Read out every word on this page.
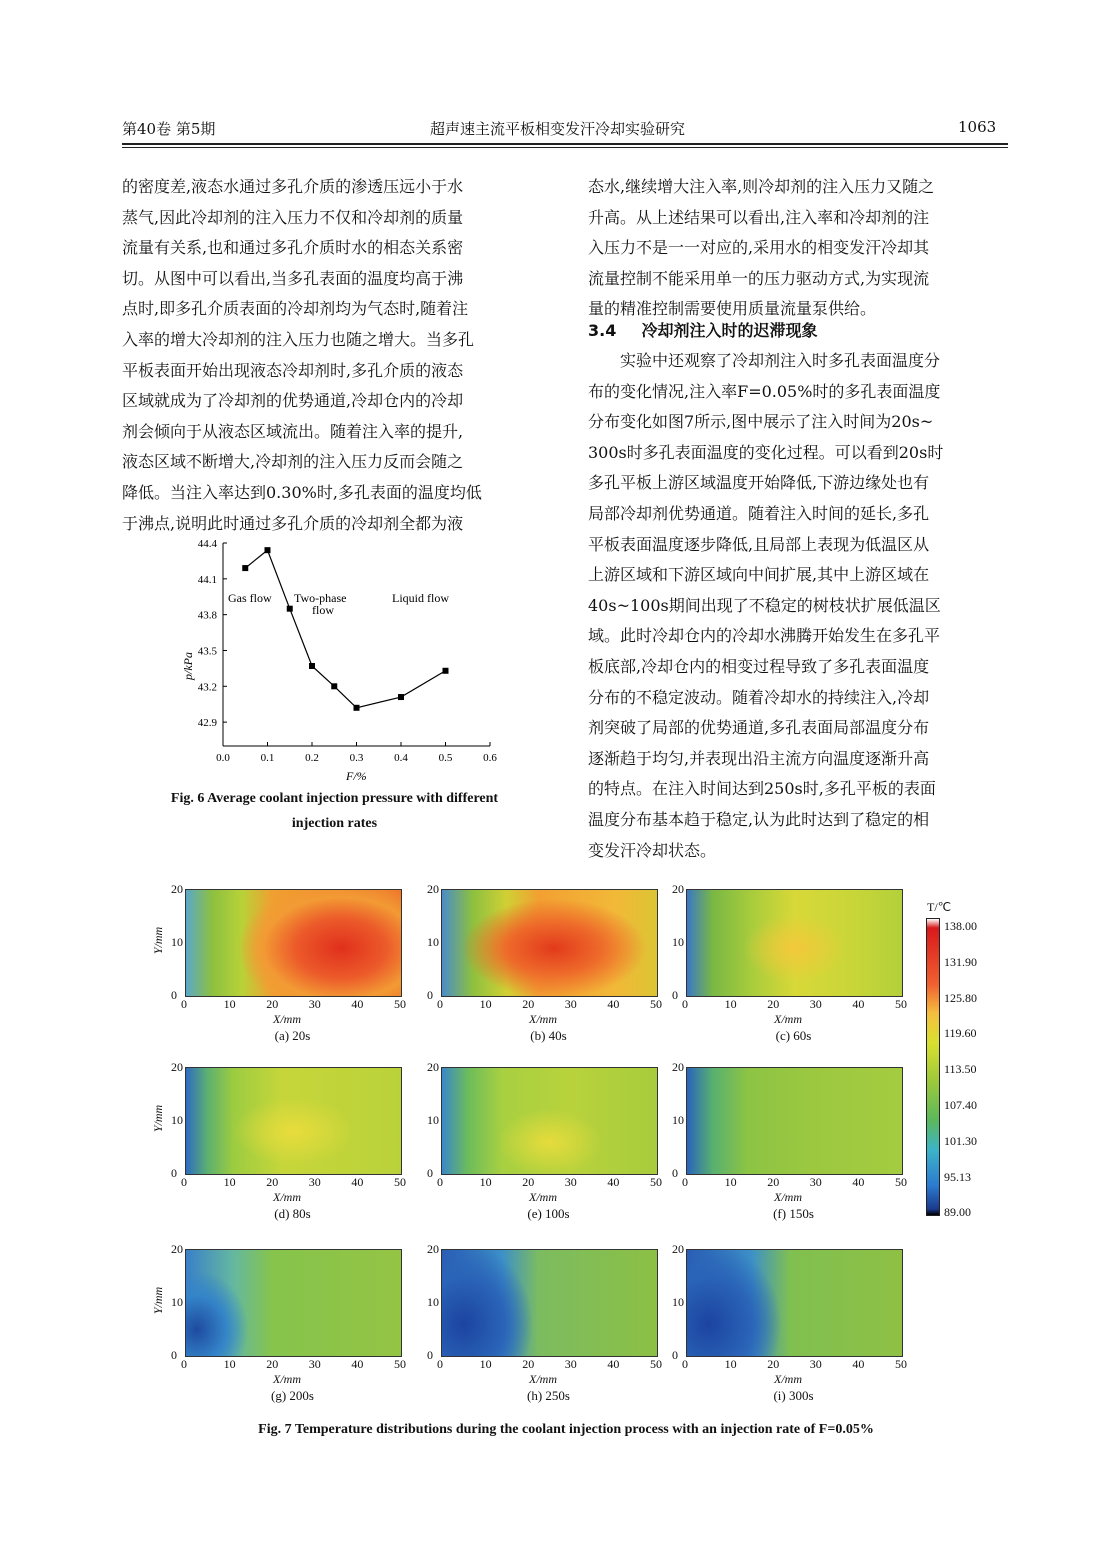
第40卷 第5期	超声速主流平板相变发汗冷却实验研究	1063
的密度差,液态水通过多孔介质的渗透压远小于水
蒸气,因此冷却剂的注入压力不仅和冷却剂的质量
流量有关系,也和通过多孔介质时水的相态关系密
切。从图中可以看出,当多孔表面的温度均高于沸
点时,即多孔介质表面的冷却剂均为气态时,随着注
入率的增大冷却剂的注入压力也随之增大。当多孔
平板表面开始出现液态冷却剂时,多孔介质的液态
区域就成为了冷却剂的优势通道,冷却仓内的冷却
剂会倾向于从液态区域流出。随着注入率的提升,
液态区域不断增大,冷却剂的注入压力反而会随之
降低。当注入率达到0.30%时,多孔表面的温度均低
于沸点,说明此时通过多孔介质的冷却剂全都为液
态水,继续增大注入率,则冷却剂的注入压力又随之
升高。从上述结果可以看出,注入率和冷却剂的注
入压力不是一一对应的,采用水的相变发汗冷却其
流量控制不能采用单一的压力驱动方式,为实现流
量的精准控制需要使用质量流量泵供给。
3.4 冷却剂注入时的迟滞现象
实验中还观察了冷却剂注入时多孔表面温度分
布的变化情况,注入率F=0.05%时的多孔表面温度
分布变化如图7所示,图中展示了注入时间为20s~
300s时多孔表面温度的变化过程。可以看到20s时
多孔平板上游区域温度开始降低,下游边缘处也有
局部冷却剂优势通道。随着注入时间的延长,多孔
平板表面温度逐步降低,且局部上表现为低温区从
上游区域和下游区域向中间扩展,其中上游区域在
40s~100s期间出现了不稳定的树枝状扩展低温区
域。此时冷却仓内的冷却水沸腾开始发生在多孔平
板底部,冷却仓内的相变过程导致了多孔表面温度
分布的不稳定波动。随着冷却水的持续注入,冷却
剂突破了局部的优势通道,多孔表面局部温度分布
逐渐趋于均匀,并表现出沿主流方向温度逐渐升高
的特点。在注入时间达到250s时,多孔平板的表面
温度分布基本趋于稳定,认为此时达到了稳定的相
变发汗冷却状态。
0.0	0.1	0.2	0.3	0.4	0.5	0.6
44.4
44.1
43.8
43.5
43.2
42.9
Gas flow Two-phase
flow
Liquid flow
p/kPa
F/%
Fig. 6 Average coolant injection pressure with different
injection rates
20
10
0
0	10	20	30	40	50
Y/mm
X/mm
(a) 20s
20
10
0
0	10	20	30	40	50
X/mm
(b) 40s
20
10
0
0	10	20	30	40	50
X/mm
(c) 60s
20
10
0
0	10	20	30	40	50
Y/mm
X/mm
(d) 80s
20
10
0
0	10	20	30	40	50
X/mm
(e) 100s
20
10
0
0	10	20	30	40	50
X/mm
(f) 150s
20
10
0
0	10	20	30	40	50
Y/mm
X/mm
(g) 200s
20
10
0
0	10	20	30	40	50
X/mm
(h) 250s
20
10
0
0	10	20	30	40	50
X/mm
(i) 300s
T/℃
138.00
131.90
125.80
119.60
113.50
107.40
101.30
95.13
89.00
Fig. 7 Temperature distributions during the coolant injection process with an injection rate of F=0.05%
